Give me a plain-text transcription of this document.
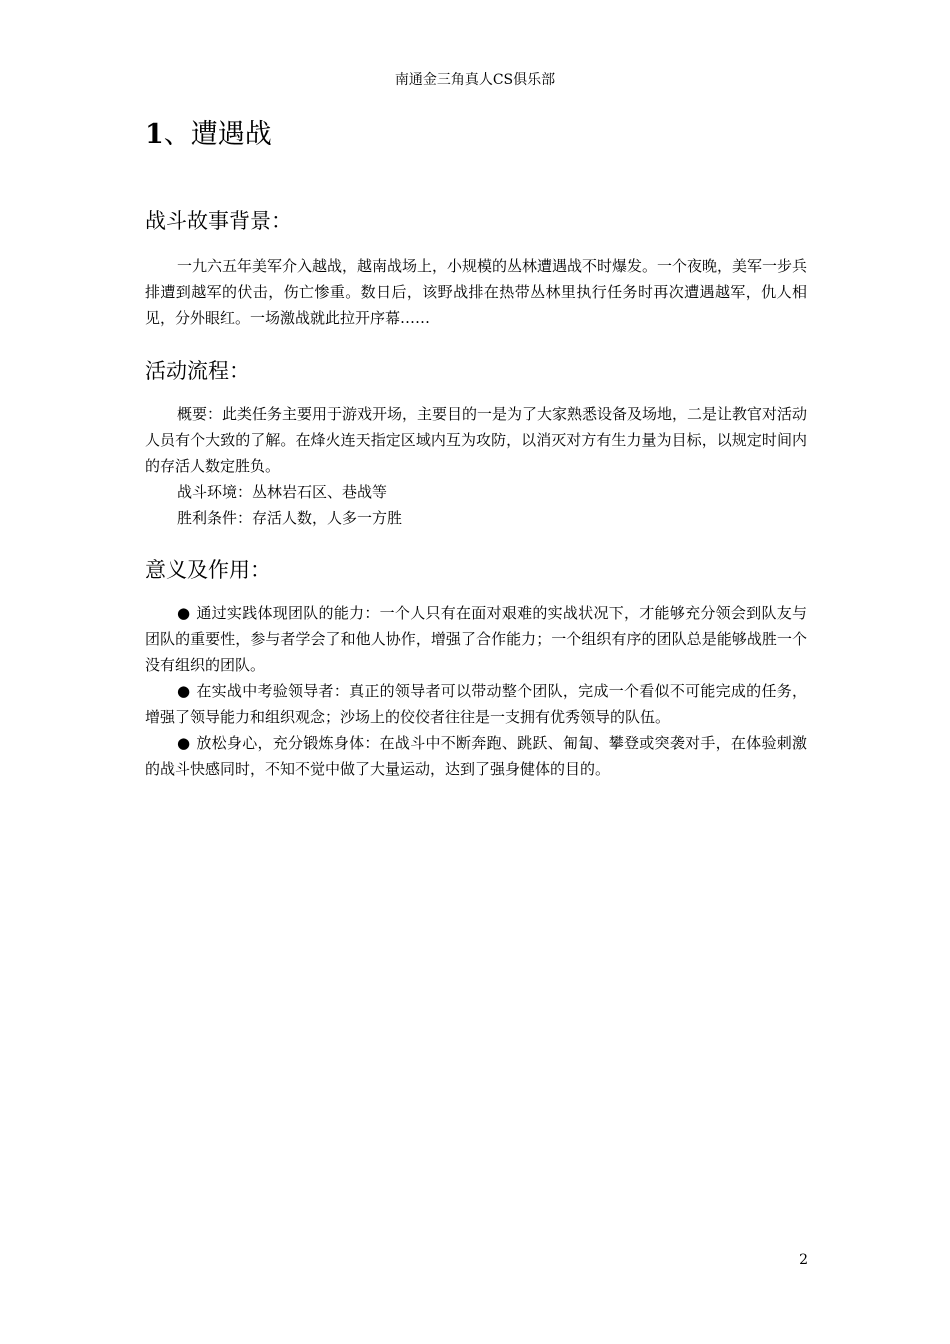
南通金三角真人CS俱乐部
1、遭遇战
战斗故事背景：

一九六五年美军介入越战，越南战场上，小规模的丛林遭遇战不时爆发。一个夜晚，美军一步兵排遭到越军的伏击，伤亡惨重。数日后，该野战排在热带丛林里执行任务时再次遭遇越军，仇人相见，分外眼红。一场激战就此拉开序幕……

活动流程：

概要：此类任务主要用于游戏开场，主要目的一是为了大家熟悉设备及场地，二是让教官对活动人员有个大致的了解。在烽火连天指定区域内互为攻防，以消灭对方有生力量为目标，以规定时间内的存活人数定胜负。

战斗环境：丛林岩石区、巷战等

胜利条件：存活人数，人多一方胜

意义及作用：

● 通过实践体现团队的能力：一个人只有在面对艰难的实战状况下，才能够充分领会到队友与团队的重要性，参与者学会了和他人协作，增强了合作能力；一个组织有序的团队总是能够战胜一个没有组织的团队。

● 在实战中考验领导者：真正的领导者可以带动整个团队，完成一个看似不可能完成的任务，增强了领导能力和组织观念；沙场上的佼佼者往往是一支拥有优秀领导的队伍。

● 放松身心，充分锻炼身体：在战斗中不断奔跑、跳跃、匍匐、攀登或突袭对手，在体验刺激的战斗快感同时，不知不觉中做了大量运动，达到了强身健体的目的。

2
